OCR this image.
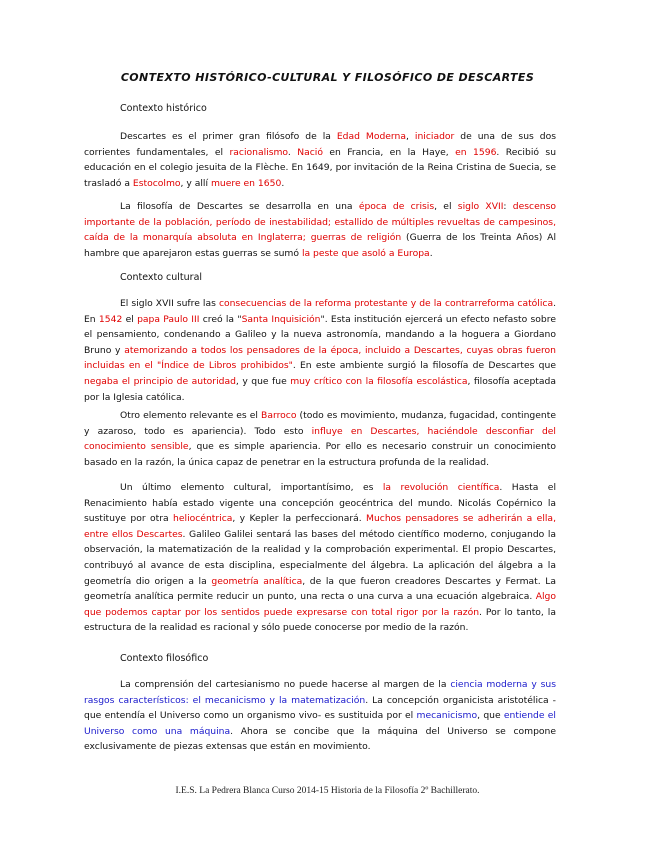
CONTEXTO HISTÓRICO-CULTURAL Y FILOSÓFICO DE DESCARTES
Contexto histórico

Descartes es el primer gran filósofo de la Edad Moderna, iniciador de una de sus dos corrientes fundamentales, el racionalismo. Nació en Francia, en la Haye, en 1596. Recibió su educación en el colegio jesuita de la Flèche. En 1649, por invitación de la Reina Cristina de Suecia, se trasladó a Estocolmo, y allí muere en 1650.

La filosofía de Descartes se desarrolla en una época de crisis, el siglo XVII: descenso importante de la población, período de inestabilidad; estallido de múltiples revueltas de campesinos, caída de la monarquía absoluta en Inglaterra; guerras de religión (Guerra de los Treinta Años) Al hambre que aparejaron estas guerras se sumó la peste que asoló a Europa.

Contexto cultural

El siglo XVII sufre las consecuencias de la reforma protestante y de la contrarreforma católica. En 1542 el papa Paulo III creó la "Santa Inquisición". Esta institución ejercerá un efecto nefasto sobre el pensamiento, condenando a Galileo y la nueva astronomía, mandando a la hoguera a Giordano Bruno y atemorizando a todos los pensadores de la época, incluido a Descartes, cuyas obras fueron incluidas en el "Índice de Libros prohibidos". En este ambiente surgió la filosofía de Descartes que negaba el principio de autoridad, y que fue muy crítico con la filosofía escolástica, filosofía aceptada por la Iglesia católica.

Otro elemento relevante es el Barroco (todo es movimiento, mudanza, fugacidad, contingente y azaroso, todo es apariencia). Todo esto influye en Descartes, haciéndole desconfiar del conocimiento sensible, que es simple apariencia. Por ello es necesario construir un conocimiento basado en la razón, la única capaz de penetrar en la estructura profunda de la realidad.

Un último elemento cultural, importantísimo, es la revolución científica. Hasta el Renacimiento había estado vigente una concepción geocéntrica del mundo. Nicolás Copérnico la sustituye por otra heliocéntrica, y Kepler la perfeccionará. Muchos pensadores se adherirán a ella, entre ellos Descartes. Galileo Galilei sentará las bases del método científico moderno, conjugando la observación, la matematización de la realidad y la comprobación experimental. El propio Descartes, contribuyó al avance de esta disciplina, especialmente del álgebra. La aplicación del álgebra a la geometría dio origen a la geometría analítica, de la que fueron creadores Descartes y Fermat. La geometría analítica permite reducir un punto, una recta o una curva a una ecuación algebraica. Algo que podemos captar por los sentidos puede expresarse con total rigor por la razón. Por lo tanto, la estructura de la realidad es racional y sólo puede conocerse por medio de la razón.

Contexto filosófico

La comprensión del cartesianismo no puede hacerse al margen de la ciencia moderna y sus rasgos característicos: el mecanicismo y la matematización. La concepción organicista aristotélica -que entendía el Universo como un organismo vivo- es sustituida por el mecanicismo, que entiende el Universo como una máquina. Ahora se concibe que la máquina del Universo se compone exclusivamente de piezas extensas que están en movimiento.

I.E.S. La Pedrera Blanca Curso 2014-15 Historia de la Filosofía 2º Bachillerato.
